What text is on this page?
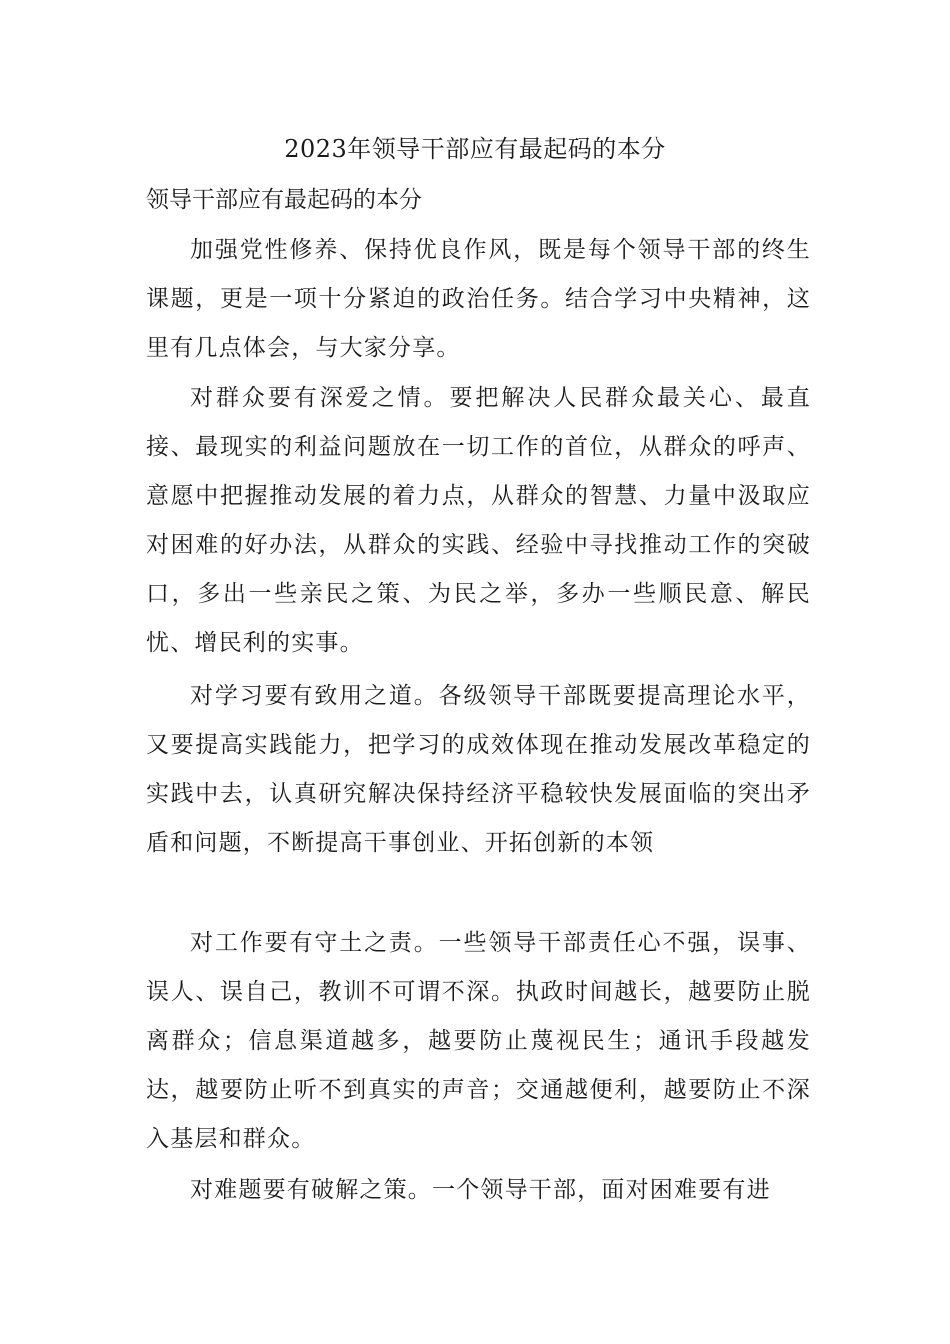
2023年领导干部应有最起码的本分
领导干部应有最起码的本分

加强党性修养、保持优良作风，既是每个领导干部的终生课题，更是一项十分紧迫的政治任务。结合学习中央精神，这里有几点体会，与大家分享。

对群众要有深爱之情。要把解决人民群众最关心、最直接、最现实的利益问题放在一切工作的首位，从群众的呼声、意愿中把握推动发展的着力点，从群众的智慧、力量中汲取应对困难的好办法，从群众的实践、经验中寻找推动工作的突破口，多出一些亲民之策、为民之举，多办一些顺民意、解民忧、增民利的实事。

对学习要有致用之道。各级领导干部既要提高理论水平，又要提高实践能力，把学习的成效体现在推动发展改革稳定的实践中去，认真研究解决保持经济平稳较快发展面临的突出矛盾和问题，不断提高干事创业、开拓创新的本领

对工作要有守土之责。一些领导干部责任心不强，误事、误人、误自己，教训不可谓不深。执政时间越长，越要防止脱离群众；信息渠道越多，越要防止蔑视民生；通讯手段越发达，越要防止听不到真实的声音；交通越便利，越要防止不深入基层和群众。

对难题要有破解之策。一个领导干部，面对困难要有进
